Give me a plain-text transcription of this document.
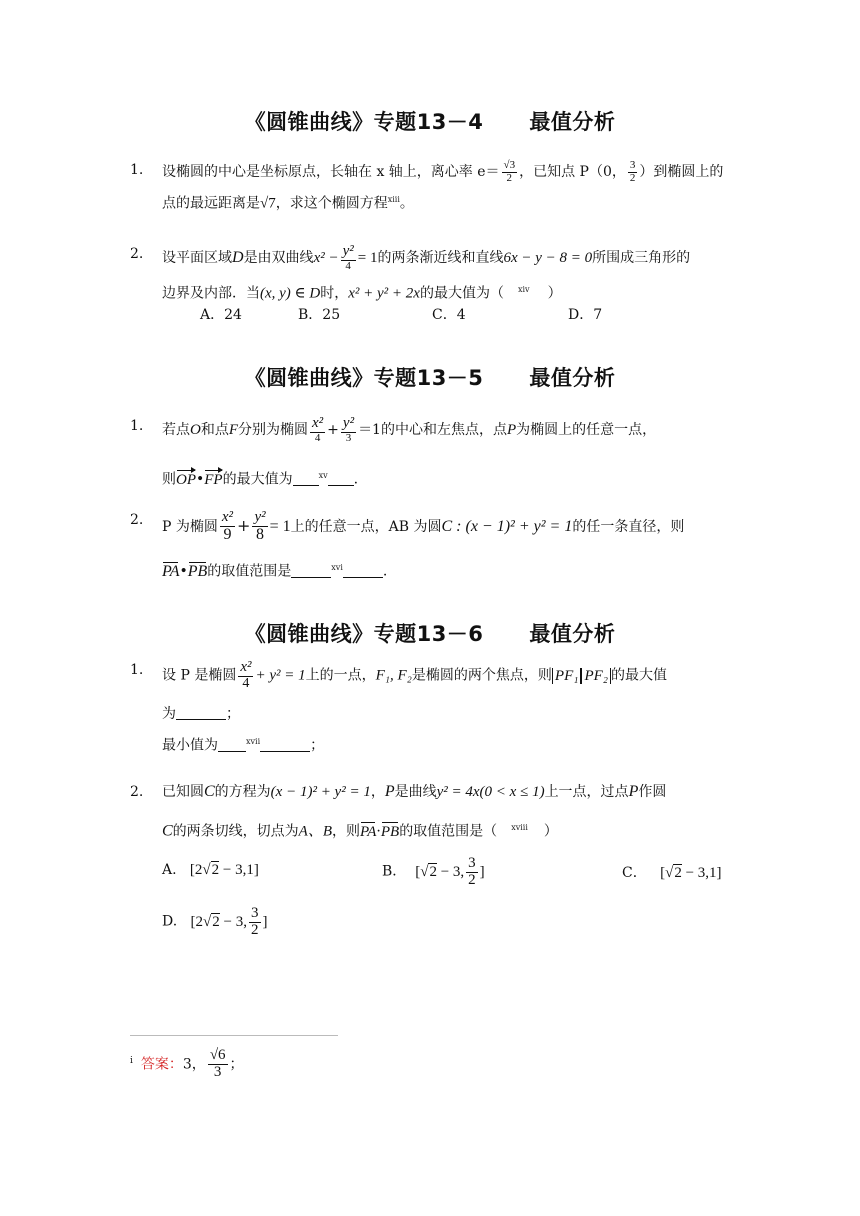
《圆锥曲线》专题13－4 最值分析
1. 设椭圆的中心是坐标原点，长轴在 x 轴上，离心率 $e= \frac{√3}{2}$ ，已知点 P（0， $\frac{3}{2}$ ）到椭圆上的
点的最远距离是√7，求这个椭圆方程$^{xiii}$。
2. 设平面区域D是由双曲线$x^2 - \frac{\text{y²}}{4} = 1$的两条渐近线和直线6x − y − 8 = 0所围成三角形的
边界及内部．当(x, y) ∈ D时，x² + y² + 2x的最大值为（ $^{xiv}$ ）
A．24	B．25	C．4	D．7
《圆锥曲线》专题13－5 最值分析
1. 若点O和点F分别为椭圆 $\frac{\text{x²}}{4} + \frac{\text{y²}}{3} =1$的中心和左焦点，点P为椭圆上的任意一点，
则OP•FP的最大值为	$^{xv}$ .
2. P 为椭圆 $\frac{\text{x²}}{9} + \frac{\text{y²}}{8} = 1$上的任意一点，AB 为圆C : (x − 1)² + y² = 1的任一条直径，则
PA•PB的取值范围是	$^{xvi}$	.
《圆锥曲线》专题13－6 最值分析
1. 设 P 是椭圆 $\frac{\text{x²}}{4} + y^2 = 1$上的一点，F₁, F₂是椭圆的两个焦点，则 PF₁ PF₂ 的最大值
为	；
最小值为	$^{xvii}$	；
2. 已知圆C的方程为(x − 1)² + y² = 1，P是曲线y² = 4x(0 < x ≤ 1)上一点，过点P作圆
C的两条切线，切点为A、B，则PA·PB的取值范围是（ $^{xviii}$ ）
A. [2√2 − 3,1]	B． [√2 − 3, $\frac{3}{2}$ ]	C． [√2 − 3,1]
D. [2√2 − 3, $\frac{3}{2}$ ]
$^i$ 答案：3， $\frac{√6}{3}$ ；
